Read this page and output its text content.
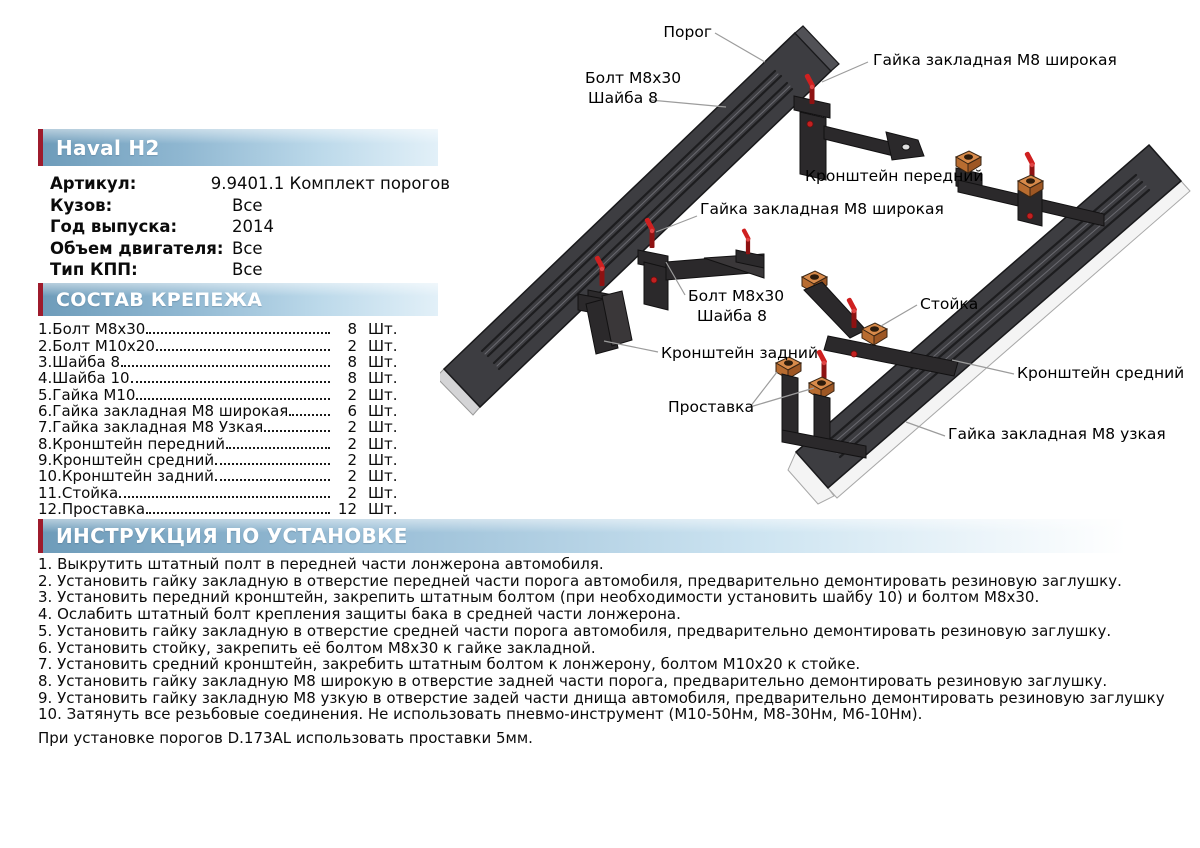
Haval H2
Артикул:	9.9401.1 Комплект порогов
Кузов:	Все
Год выпуска:	2014
Объем двигателя: Все
Тип КПП:	Все
СОСТАВ КРЕПЕЖА
1.Болт М8х30	8 Шт.
2.Болт М10х20	2 Шт.
3.Шайба 8	8 Шт.
4.Шайба 10	8 Шт.
5.Гайка М10	2 Шт.
6.Гайка закладная М8 широкая	6 Шт.
7.Гайка закладная М8 Узкая	2 Шт.
8.Кронштейн передний	2 Шт.
9.Кронштейн средний	2 Шт.
10.Кронштейн задний	2 Шт.
11.Стойка	2 Шт.
12.Проставка	12 Шт.
ИНСТРУКЦИЯ ПО УСТАНОВКЕ
1. Выкрутить штатный полт в передней части лонжерона автомобиля.
2. Установить гайку закладную в отверстие передней части порога автомобиля, предварительно демонтировать резиновую заглушку.
3. Установить передний кронштейн, закрепить штатным болтом (при необходимости установить шайбу 10) и болтом М8х30.
4. Ослабить штатный болт крепления защиты бака в средней части лонжерона.
5. Установить гайку закладную в отверстие средней части порога автомобиля, предварительно демонтировать резиновую заглушку.
6. Установить стойку, закрепить её болтом М8х30 к гайке закладной.
7. Установить средний кронштейн, закребить штатным болтом к лонжерону, болтом М10х20 к стойке.
8. Установить гайку закладную М8 широкую в отверстие задней части порога, предварительно демонтировать резиновую заглушку.
9. Установить гайку закладную М8 узкую в отверстие задей части днища автомобиля, предварительно демонтировать резиновую заглушку
10. Затянуть все резьбовые соединения. Не использовать пневмо-инструмент (М10-50Нм, М8-30Нм, М6-10Нм).
При установке порогов D.173AL использовать проставки 5мм.
Порог
Гайка закладная М8 широкая
Болт М8х30
Шайба 8
Кронштейн передний
Гайка закладная М8 широкая
Болт М8х30
Шайба 8
Стойка
Кронштейн задний
Кронштейн средний
Проставка
Гайка закладная М8 узкая
